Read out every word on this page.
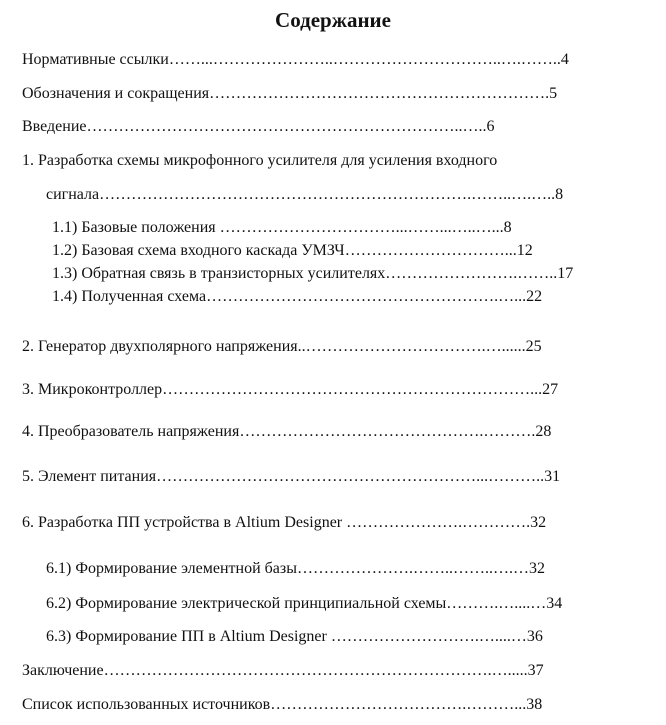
Содержание
Нормативные ссылки……...…………………..…………………………..….……..4
Обозначения и сокращения……………………………………………………….5
Введение……………………………………………………………..…..6
1. Разработка схемы микрофонного усилителя для усиления входного
сигнала…………………………………………………………….……..….…..8
1.1) Базовые положения ……………………………...……...…..…...8
1.2) Базовая схема входного каскада УМЗЧ…………………………...12
1.3) Обратная связь в транзисторных усилителях…………………….……..17
1.4) Полученная схема……………………………………………….…...22
2. Генератор двухполярного напряжения..…………………………….…......25
3. Микроконтроллер……………………………………………………………...27
4. Преобразователь напряжения……………………………………….……….28
5. Элемент питания……………………………………………………...………..31
6. Разработка ПП устройства в Altium Designer ………………….………….32
6.1) Формирование элементной базы………………….……..……..….…32
6.2) Формирование электрической принципиальной схемы……….…....…34
6.3) Формирование ПП в Altium Designer ……………………….…....…36
Заключение……………………………………………………………….….....37
Список использованных источников……………………………….………...38
